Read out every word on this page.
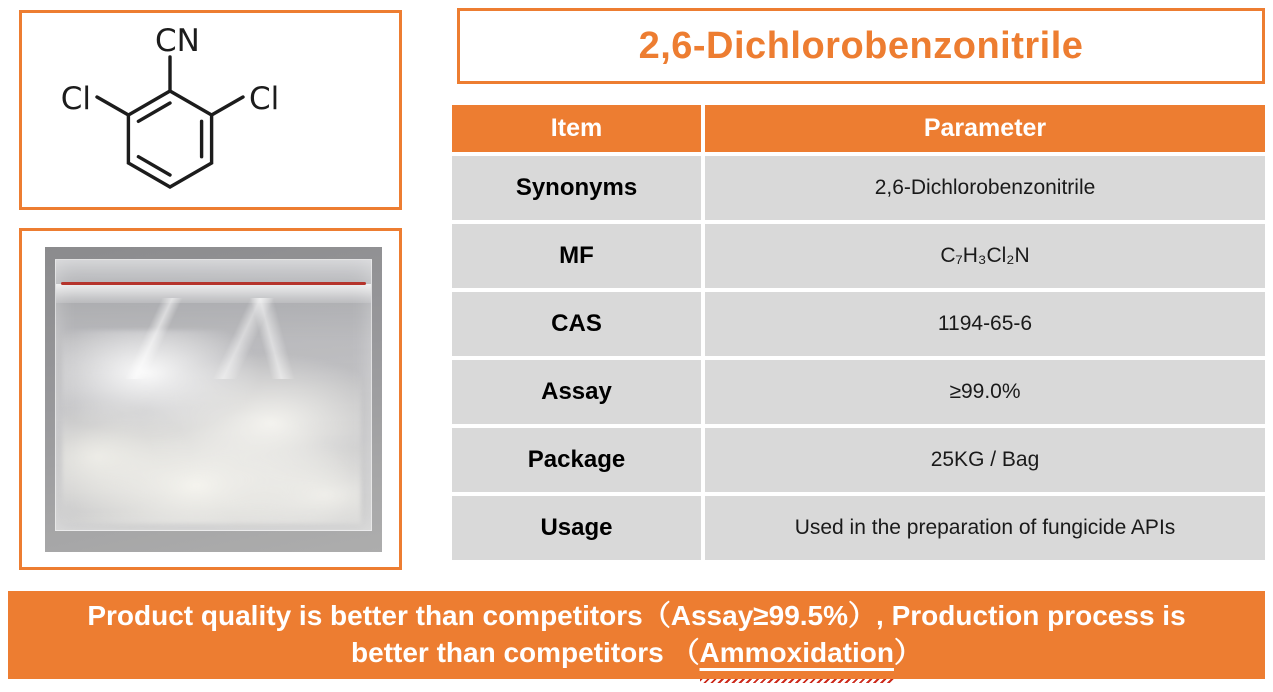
CN
Cl
Cl
2,6-Dichlorobenzonitrile
Item	Parameter
Synonyms	2,6-Dichlorobenzonitrile
MF	C₇H₃Cl₂N
CAS	1194-65-6
Assay	≥99.0%
Package	25KG / Bag
Usage	Used in the preparation of fungicide APIs
Product quality is better than competitors（Assay≥99.5%）, Production process is
better than competitors （Ammoxidation）
